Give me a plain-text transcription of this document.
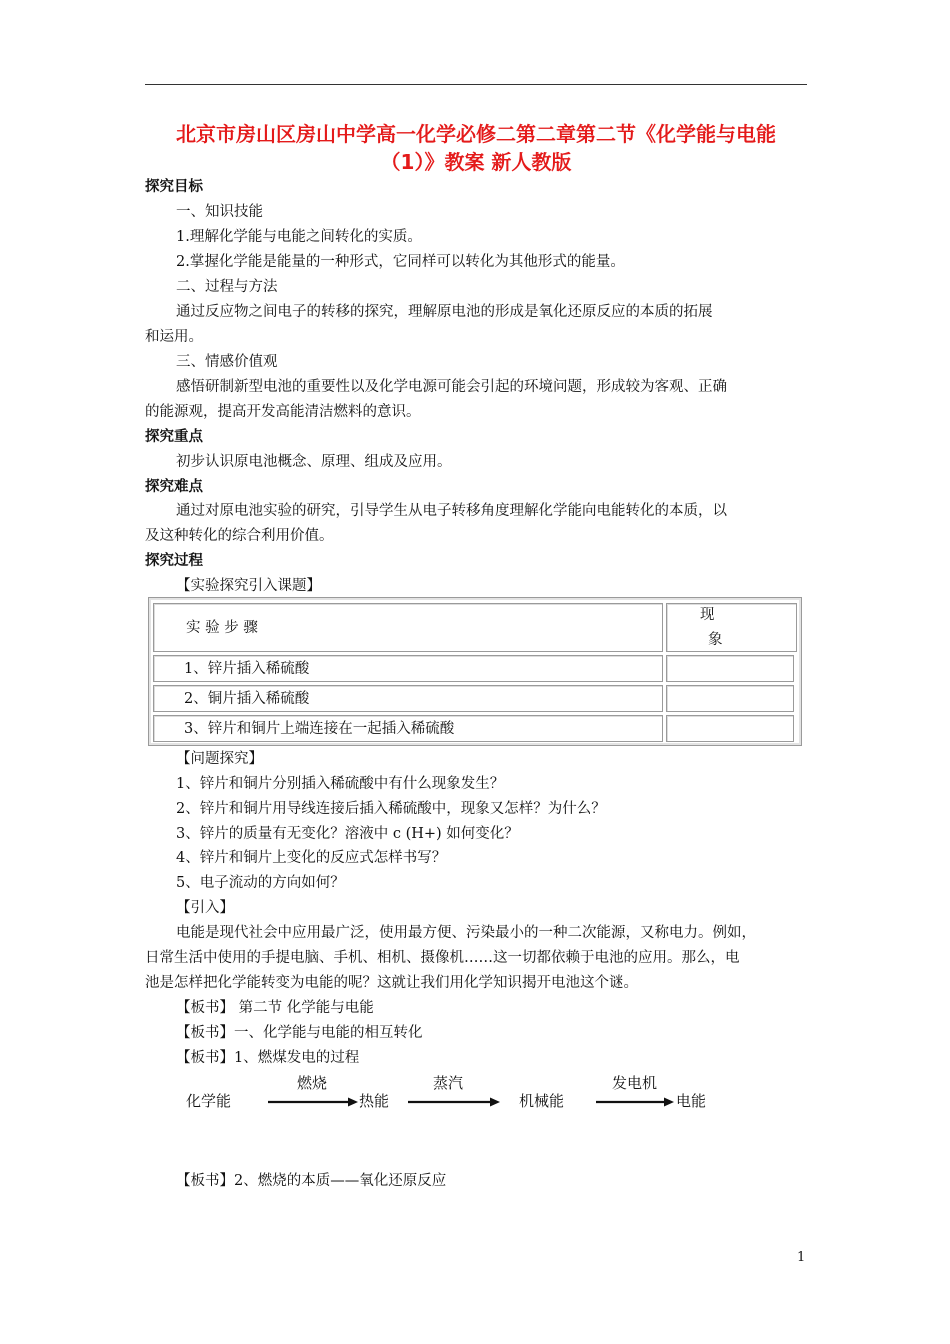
北京市房山区房山中学高一化学必修二第二章第二节《化学能与电能
（1）》教案 新人教版
探究目标
一、知识技能
1.理解化学能与电能之间转化的实质。
2.掌握化学能是能量的一种形式，它同样可以转化为其他形式的能量。
二、过程与方法
通过反应物之间电子的转移的探究，理解原电池的形成是氧化还原反应的本质的拓展
和运用。
三、情感价值观
感悟研制新型电池的重要性以及化学电源可能会引起的环境问题，形成较为客观、正确
的能源观，提高开发高能清洁燃料的意识。
探究重点
初步认识原电池概念、原理、组成及应用。
探究难点
通过对原电池实验的研究，引导学生从电子转移角度理解化学能向电能转化的本质，以
及这种转化的综合利用价值。
探究过程
【实验探究引入课题】
实 验 步 骤
现
象
1、锌片插入稀硫酸
2、铜片插入稀硫酸
3、锌片和铜片上端连接在一起插入稀硫酸
【问题探究】
1、锌片和铜片分别插入稀硫酸中有什么现象发生？
2、锌片和铜片用导线连接后插入稀硫酸中，现象又怎样？为什么？
3、锌片的质量有无变化？溶液中 c (H+) 如何变化？
4、锌片和铜片上变化的反应式怎样书写？
5、电子流动的方向如何？
【引入】
电能是现代社会中应用最广泛，使用最方便、污染最小的一种二次能源，又称电力。例如，
日常生活中使用的手提电脑、手机、相机、摄像机……这一切都依赖于电池的应用。那么，电
池是怎样把化学能转变为电能的呢？这就让我们用化学知识揭开电池这个谜。
【板书】 第二节 化学能与电能
【板书】一、化学能与电能的相互转化
【板书】1、燃煤发电的过程
化学能
燃烧
热能
蒸汽
机械能
发电机
电能
【板书】2、燃烧的本质——氧化还原反应
1
